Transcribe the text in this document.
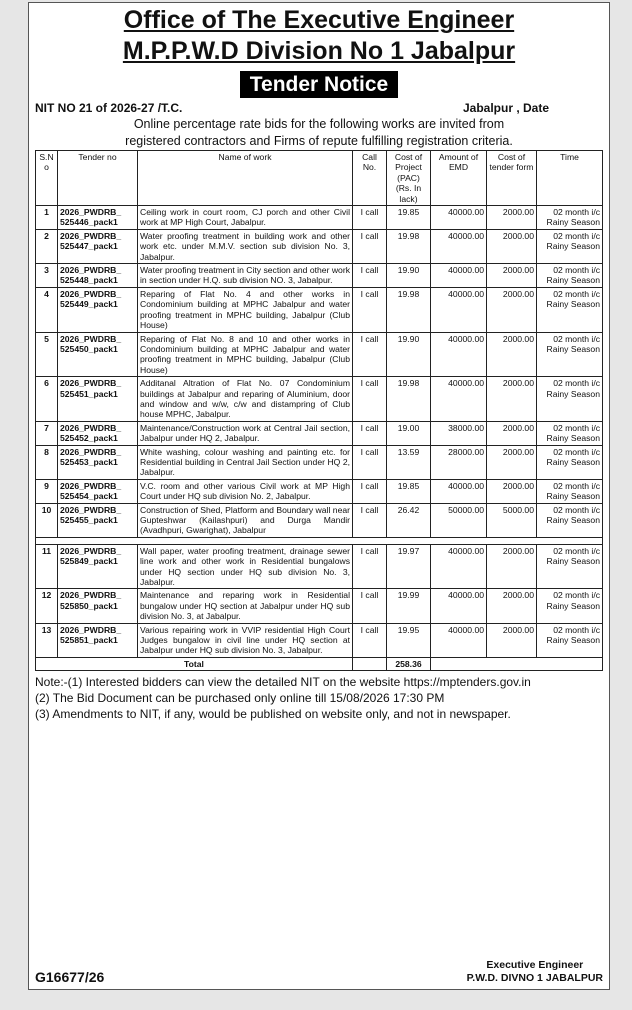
Office of The Executive Engineer
M.P.P.W.D Division No 1 Jabalpur
Tender Notice
NIT NO 21 of 2026-27 /T.C.	Jabalpur , Date
Online percentage rate bids for the following works are invited from
registered contractors and Firms of repute fulfilling registration criteria.
S.N o	Tender no	Name of work	Call No.	Cost of Project (PAC) (Rs. In lack)	Amount of EMD	Cost of tender form	Time
1	2026_PWDRB_ 525446_pack1	Ceiling work in court room, CJ porch and other Civil work at MP High Court, Jabalpur.	I call	19.85	40000.00	2000.00	02 month i/c Rainy Season
2	2026_PWDRB_ 525447_pack1	Water proofing treatment in building work and other work etc. under M.M.V. section sub division No. 3, Jabalpur.	I call	19.98	40000.00	2000.00	02 month i/c Rainy Season
3	2026_PWDRB_ 525448_pack1	Water proofing treatment in City section and other work in section under H.Q. sub division NO. 3, Jabalpur.	I call	19.90	40000.00	2000.00	02 month i/c Rainy Season
4	2026_PWDRB_ 525449_pack1	Reparing of Flat No. 4 and other works in Condominium building at MPHC Jabalpur and water proofing treatment in MPHC building, Jabalpur (Club House)	I call	19.98	40000.00	2000.00	02 month i/c Rainy Season
5	2026_PWDRB_ 525450_pack1	Reparing of Flat No. 8 and 10 and other works in Condominium building at MPHC Jabalpur and water proofing treatment in MPHC building, Jabalpur (Club House)	I call	19.90	40000.00	2000.00	02 month i/c Rainy Season
6	2026_PWDRB_ 525451_pack1	Additanal Altration of Flat No. 07 Condominium buildings at Jabalpur and reparing of Aluminium, door and window and w/w, c/w and distampring of Club house MPHC, Jabalpur.	I call	19.98	40000.00	2000.00	02 month i/c Rainy Season
7	2026_PWDRB_ 525452_pack1	Maintenance/Construction work at Central Jail section, Jabalpur under HQ 2, Jabalpur.	I call	19.00	38000.00	2000.00	02 month i/c Rainy Season
8	2026_PWDRB_ 525453_pack1	White washing, colour washing and painting etc. for Residential building in Central Jail Section under HQ 2, Jabalpur.	I call	13.59	28000.00	2000.00	02 month i/c Rainy Season
9	2026_PWDRB_ 525454_pack1	V.C. room and other various Civil work at MP High Court under HQ sub division No. 2, Jabalpur.	I call	19.85	40000.00	2000.00	02 month i/c Rainy Season
10	2026_PWDRB_ 525455_pack1	Construction of Shed, Platform and Boundary wall near Gupteshwar (Kailashpuri) and Durga Mandir (Avadhpuri, Gwarighat), Jabalpur	I call	26.42	50000.00	5000.00	02 month i/c Rainy Season

11	2026_PWDRB_ 525849_pack1	Wall paper, water proofing treatment, drainage sewer line work and other work in Residential bungalows under HQ section under HQ sub division No. 3, Jabalpur.	I call	19.97	40000.00	2000.00	02 month i/c Rainy Season
12	2026_PWDRB_ 525850_pack1	Maintenance and reparing work in Residential bungalow under HQ section at Jabalpur under HQ sub division No. 3, at Jabalpur.	I call	19.99	40000.00	2000.00	02 month i/c Rainy Season
13	2026_PWDRB_ 525851_pack1	Various repairing work in VVIP residential High Court Judges bungalow in civil line under HQ section at Jabalpur under HQ sub division No. 3, Jabalpur.	I call	19.95	40000.00	2000.00	02 month i/c Rainy Season
Total				258.36			
Note:-(1) Interested bidders can view the detailed NIT on the website https://mptenders.gov.in
(2) The Bid Document can be purchased only online till 15/08/2026 17:30 PM
(3) Amendments to NIT, if any, would be published on website only, and not in newspaper.
G16677/26
Executive Engineer
P.W.D. DIVNO 1 JABALPUR
